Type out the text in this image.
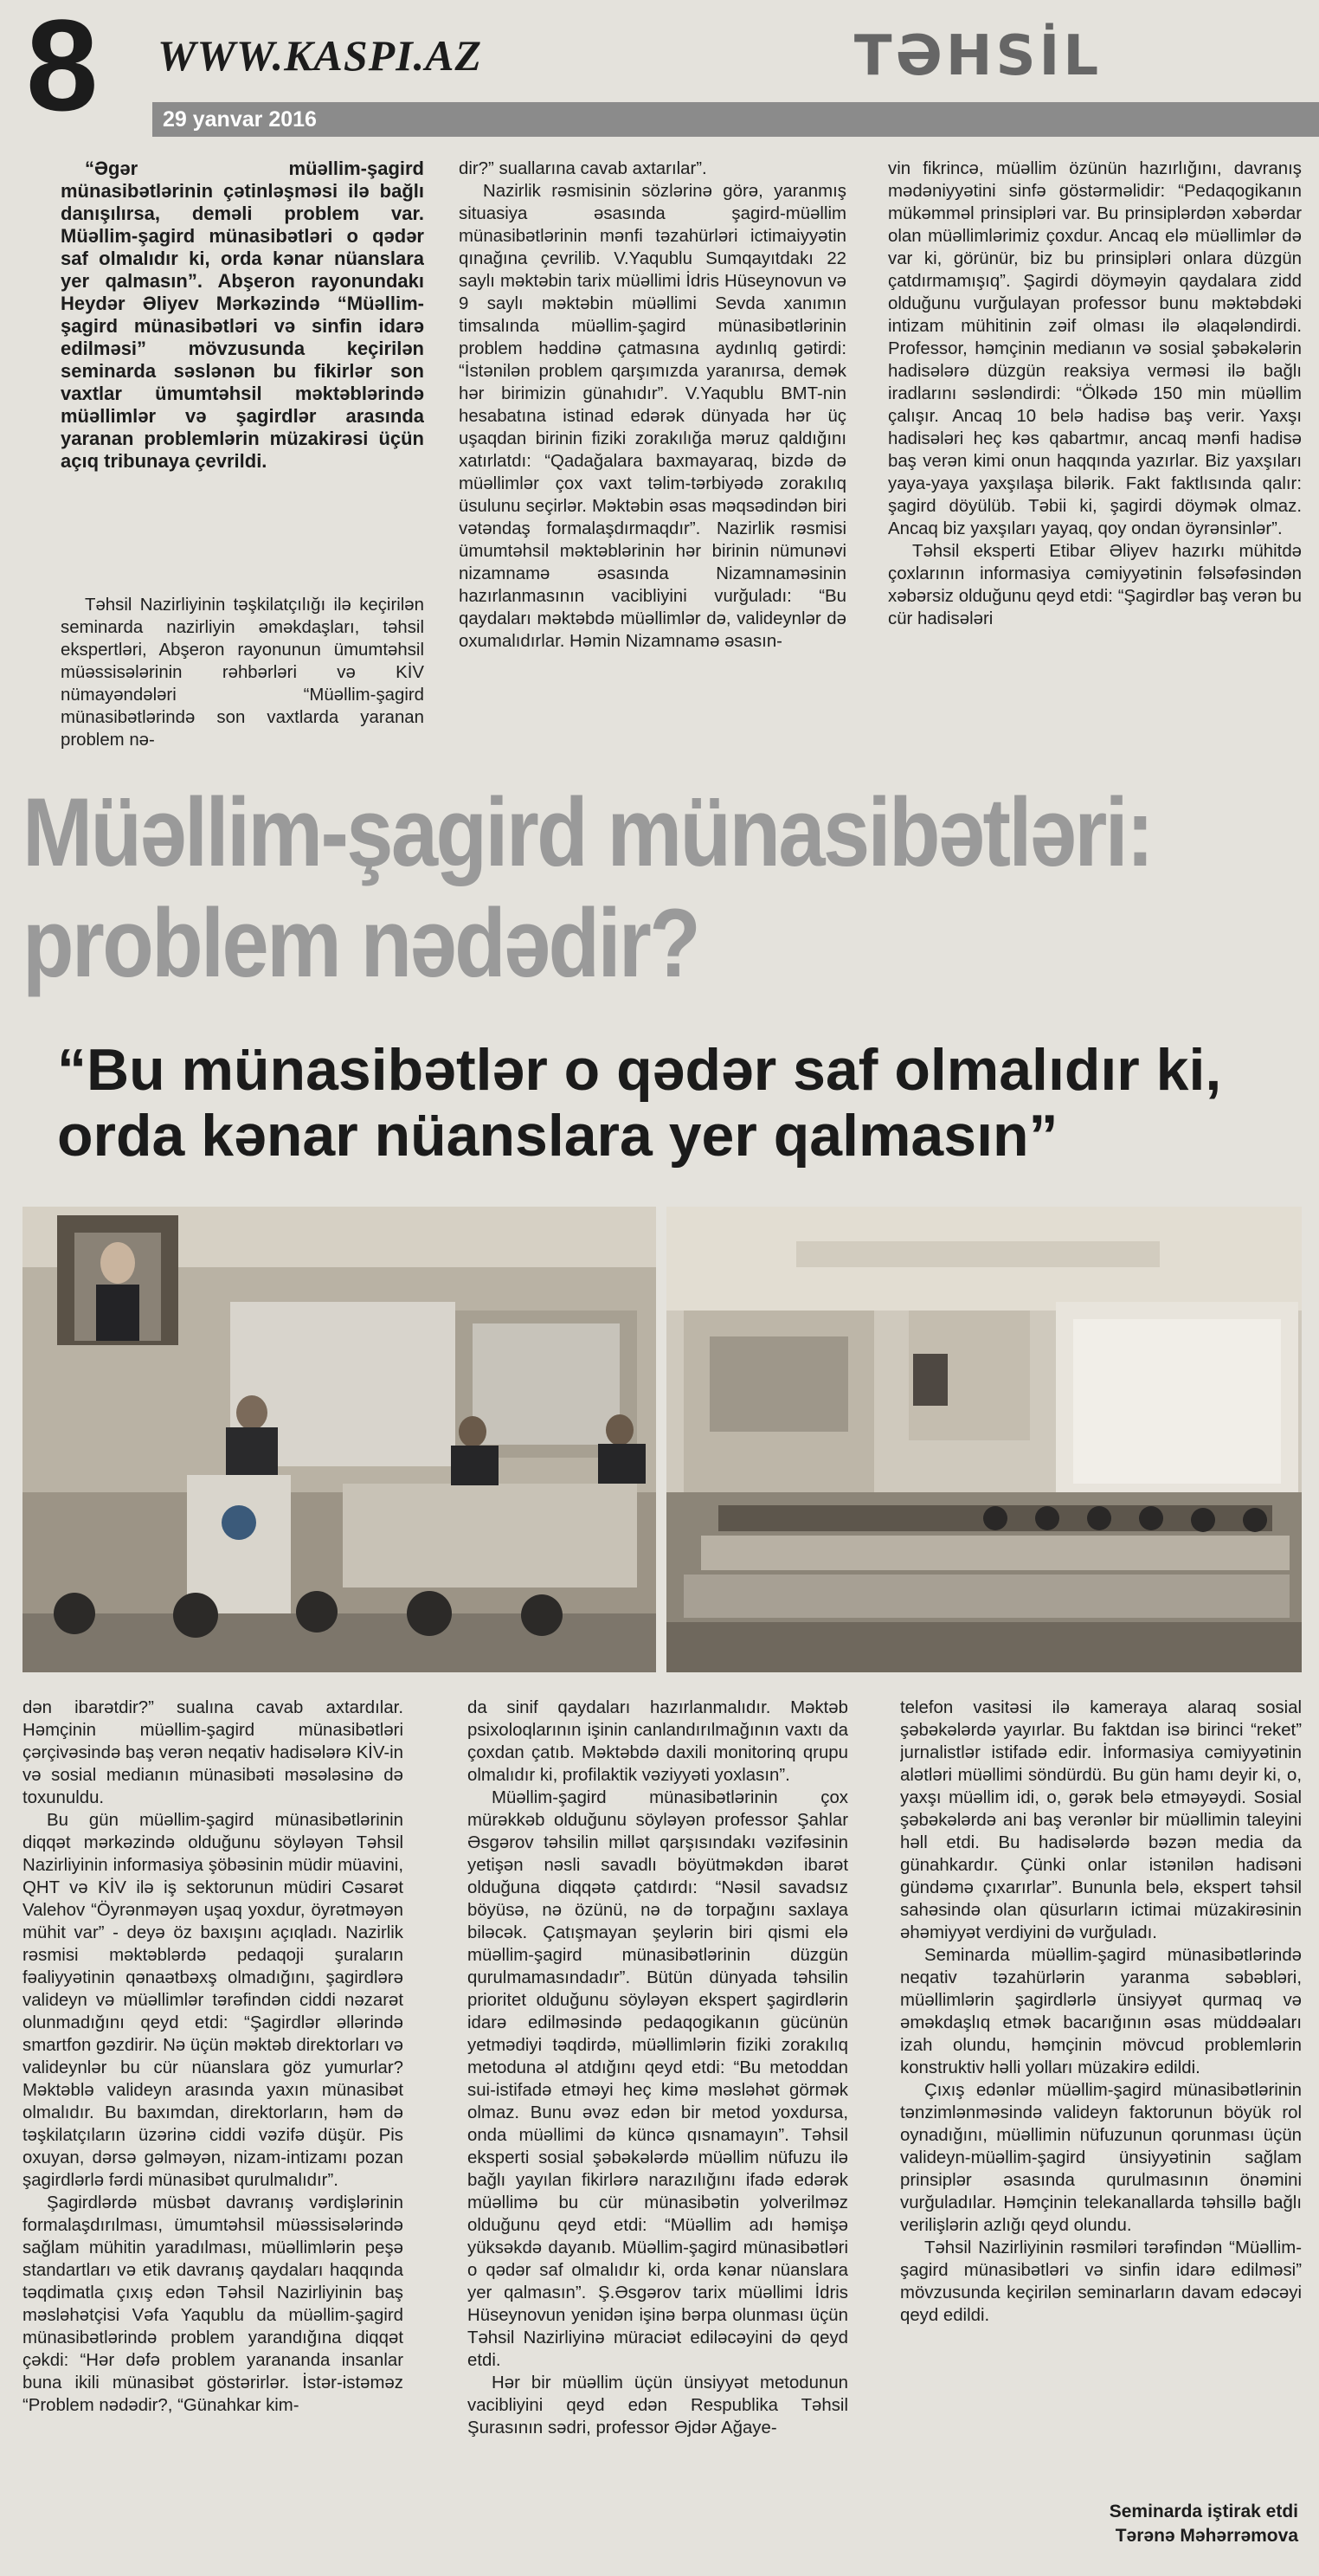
8 WWW.KASPI.AZ	TƏHSİL
29 yanvar 2016

“Əgər müəllim-şagird münasibətlərinin çətinləşməsi ilə bağlı danışılırsa, deməli problem var. Müəllim-şagird münasibətləri o qədər saf olmalıdır ki, orda kənar nüanslara yer qalmasın”. Abşeron rayonundakı Heydər Əliyev Mərkəzində “Müəllim-şagird münasibətləri və sinfin idarə edilməsi” mövzusunda keçirilən seminarda səslənən bu fikirlər son vaxtlar ümumtəhsil məktəblərində müəllimlər və şagirdlər arasında yaranan problemlərin müzakirəsi üçün açıq tribunaya çevrildi.

Təhsil Nazirliyinin təşkilatçılığı ilə keçirilən seminarda nazirliyin əməkdaşları, təhsil ekspertləri, Abşeron rayonunun ümumtəhsil müəssisələrinin rəhbərləri və KİV nümayəndələri “Müəllim-şagird münasibətlərində son vaxtlarda yaranan problem nə-

dir?” suallarına cavab axtarılar”.

Nazirlik rəsmisinin sözlərinə görə, yaranmış situasiya əsasında şagird-müəllim münasibətlərinin mənfi təzahürləri ictimaiyyətin qınağına çevrilib. V.Yaqublu Sumqayıtdakı 22 saylı məktəbin tarix müəllimi İdris Hüseynovun və 9 saylı məktəbin müəllimi Sevda xanımın timsalında müəllim-şagird münasibətlərinin problem həddinə çatmasına aydınlıq gətirdi: “İstənilən problem qarşımızda yaranırsa, demək hər birimizin günahıdır”. V.Yaqublu BMT-nin hesabatına istinad edərək dünyada hər üç uşaqdan birinin fiziki zorakılığa məruz qaldığını xatırlatdı: “Qadağalara baxmayaraq, bizdə də müəllimlər çox vaxt təlim-tərbiyədə zorakılıq üsulunu seçirlər. Məktəbin əsas məqsədindən biri vətəndaş formalaşdırmaqdır”. Nazirlik rəsmisi ümumtəhsil məktəblərinin hər birinin nümunəvi nizamnamə əsasında Nizamnaməsinin hazırlanmasının vacibliyini vurğuladı: “Bu qaydaları məktəbdə müəllimlər də, valideynlər də oxumalıdırlar. Həmin Nizamnamə əsasın-

vin fikrincə, müəllim özünün hazırlığını, davranış mədəniyyətini sinfə göstərməlidir: “Pedaqogikanın mükəmməl prinsipləri var. Bu prinsiplərdən xəbərdar olan müəllimlərimiz çoxdur. Ancaq elə müəllimlər də var ki, görünür, biz bu prinsipləri onlara düzgün çatdırmamışıq”. Şagirdi döyməyin qaydalara zidd olduğunu vurğulayan professor bunu məktəbdəki intizam mühitinin zəif olması ilə əlaqələndirdi. Professor, həmçinin medianın və sosial şəbəkələrin hadisələrə düzgün reaksiya verməsi ilə bağlı iradlarını səsləndirdi: “Ölkədə 150 min müəllim çalışır. Ancaq 10 belə hadisə baş verir. Yaxşı hadisələri heç kəs qabartmır, ancaq mənfi hadisə baş verən kimi onun haqqında yazırlar. Biz yaxşıları yaya-yaya yaxşılaşa bilərik. Fakt faktlısında qalır: şagird döyülüb. Təbii ki, şagirdi döymək olmaz. Ancaq biz yaxşıları yayaq, qoy ondan öyrənsinlər”.

Təhsil eksperti Etibar Əliyev hazırkı mühitdə çoxlarının informasiya cəmiyyətinin fəlsəfəsindən xəbərsiz olduğunu qeyd etdi: “Şagirdlər baş verən bu cür hadisələri

Müəllim-şagird münasibətləri:
problem nədədir?
“Bu münasibətlər o qədər saf olmalıdır ki, orda kənar nüanslara yer qalmasın”

dən ibarətdir?” sualına cavab axtardılar. Həmçinin müəllim-şagird münasibətləri çərçivəsində baş verən neqativ hadisələrə KİV-in və sosial medianın münasibəti məsələsinə də toxunuldu.

Bu gün müəllim-şagird münasibətlərinin diqqət mərkəzində olduğunu söyləyən Təhsil Nazirliyinin informasiya şöbəsinin müdir müavini, QHT və KİV ilə iş sektorunun müdiri Cəsarət Valehov “Öyrənməyən uşaq yoxdur, öyrətməyən mühit var” - deyə öz baxışını açıqladı. Nazirlik rəsmisi məktəblərdə pedaqoji şuraların fəaliyyətinin qənaətbəxş olmadığını, şagirdlərə valideyn və müəllimlər tərəfindən ciddi nəzarət olunmadığını qeyd etdi: “Şagirdlər əllərində smartfon gəzdirir. Nə üçün məktəb direktorları və valideynlər bu cür nüanslara göz yumurlar? Məktəblə valideyn arasında yaxın münasibət olmalıdır. Bu baxımdan, direktorların, həm də təşkilatçıların üzərinə ciddi vəzifə düşür. Pis oxuyan, dərsə gəlməyən, nizam-intizamı pozan şagirdlərlə fərdi münasibət qurulmalıdır”.

Şagirdlərdə müsbət davranış vərdişlərinin formalaşdırılması, ümumtəhsil müəssisələrində sağlam mühitin yaradılması, müəllimlərin peşə standartları və etik davranış qaydaları haqqında təqdimatla çıxış edən Təhsil Nazirliyinin baş məsləhətçisi Vəfa Yaqublu da müəllim-şagird münasibətlərində problem yarandığına diqqət çəkdi: “Hər dəfə problem yarananda insanlar buna ikili münasibət göstərirlər. İstər-istəməz “Problem nədədir?, “Günahkar kim-

da sinif qaydaları hazırlanmalıdır. Məktəb psixoloqlarının işinin canlandırılmağının vaxtı da çoxdan çatıb. Məktəbdə daxili monitorinq qrupu olmalıdır ki, profilaktik vəziyyəti yoxlasın”.

Müəllim-şagird münasibətlərinin çox mürəkkəb olduğunu söyləyən professor Şahlar Əsgərov təhsilin millət qarşısındakı vəzifəsinin yetişən nəsli savadlı böyütməkdən ibarət olduğuna diqqətə çatdırdı: “Nəsil savadsız böyüsə, nə özünü, nə də torpağını saxlaya biləcək. Çatışmayan şeylərin biri qismi elə müəllim-şagird münasibətlərinin düzgün qurulmamasındadır”. Bütün dünyada təhsilin prioritet olduğunu söyləyən ekspert şagirdlərin idarə edilməsində pedaqogikanın gücünün yetmədiyi təqdirdə, müəllimlərin fiziki zorakılıq metoduna əl atdığını qeyd etdi: “Bu metoddan sui-istifadə etməyi heç kimə məsləhət görmək olmaz. Bunu əvəz edən bir metod yoxdursa, onda müəllimi də küncə qısnamayın”. Təhsil eksperti sosial şəbəkələrdə müəllim nüfuzu ilə bağlı yayılan fikirlərə narazılığını ifadə edərək müəllimə bu cür münasibətin yolverilməz olduğunu qeyd etdi: “Müəllim adı həmişə yüksəkdə dayanıb. Müəllim-şagird münasibətləri o qədər saf olmalıdır ki, orda kənar nüanslara yer qalmasın”. Ş.Əsgərov tarix müəllimi İdris Hüseynovun yenidən işinə bərpa olunması üçün Təhsil Nazirliyinə müraciət ediləcəyini də qeyd etdi.

Hər bir müəllim üçün ünsiyyət metodunun vacibliyini qeyd edən Respublika Təhsil Şurasının sədri, professor Əjdər Ağaye-

telefon vasitəsi ilə kameraya alaraq sosial şəbəkələrdə yayırlar. Bu faktdan isə birinci “reket” jurnalistlər istifadə edir. İnformasiya cəmiyyətinin alətləri müəllimi söndürdü. Bu gün hamı deyir ki, o, yaxşı müəllim idi, o, gərək belə etməyəydi. Sosial şəbəkələrdə ani baş verənlər bir müəllimin taleyini həll etdi. Bu hadisələrdə bəzən media da günahkardır. Çünki onlar istənilən hadisəni gündəmə çıxarırlar”. Bununla belə, ekspert təhsil sahəsində olan qüsurların ictimai müzakirəsinin əhəmiyyət verdiyini də vurğuladı.

Seminarda müəllim-şagird münasibətlərində neqativ təzahürlərin yaranma səbəbləri, müəllimlərin şagirdlərlə ünsiyyət qurmaq və əməkdaşlıq etmək bacarığının əsas müddəaları izah olundu, həmçinin mövcud problemlərin konstruktiv həlli yolları müzakirə edildi.

Çıxış edənlər müəllim-şagird münasibətlərinin tənzimlənməsində valideyn faktorunun böyük rol oynadığını, müəllimin nüfuzunun qorunması üçün valideyn-müəllim-şagird ünsiyyətinin sağlam prinsiplər əsasında qurulmasının önəmini vurğuladılar. Həmçinin telekanallarda təhsillə bağlı verilişlərin azlığı qeyd olundu.

Təhsil Nazirliyinin rəsmiləri tərəfindən “Müəllim-şagird münasibətləri və sinfin idarə edilməsi” mövzusunda keçirilən seminarların davam edəcəyi qeyd edildi.

Seminarda iştirak etdi
Tərənə Məhərrəmova
